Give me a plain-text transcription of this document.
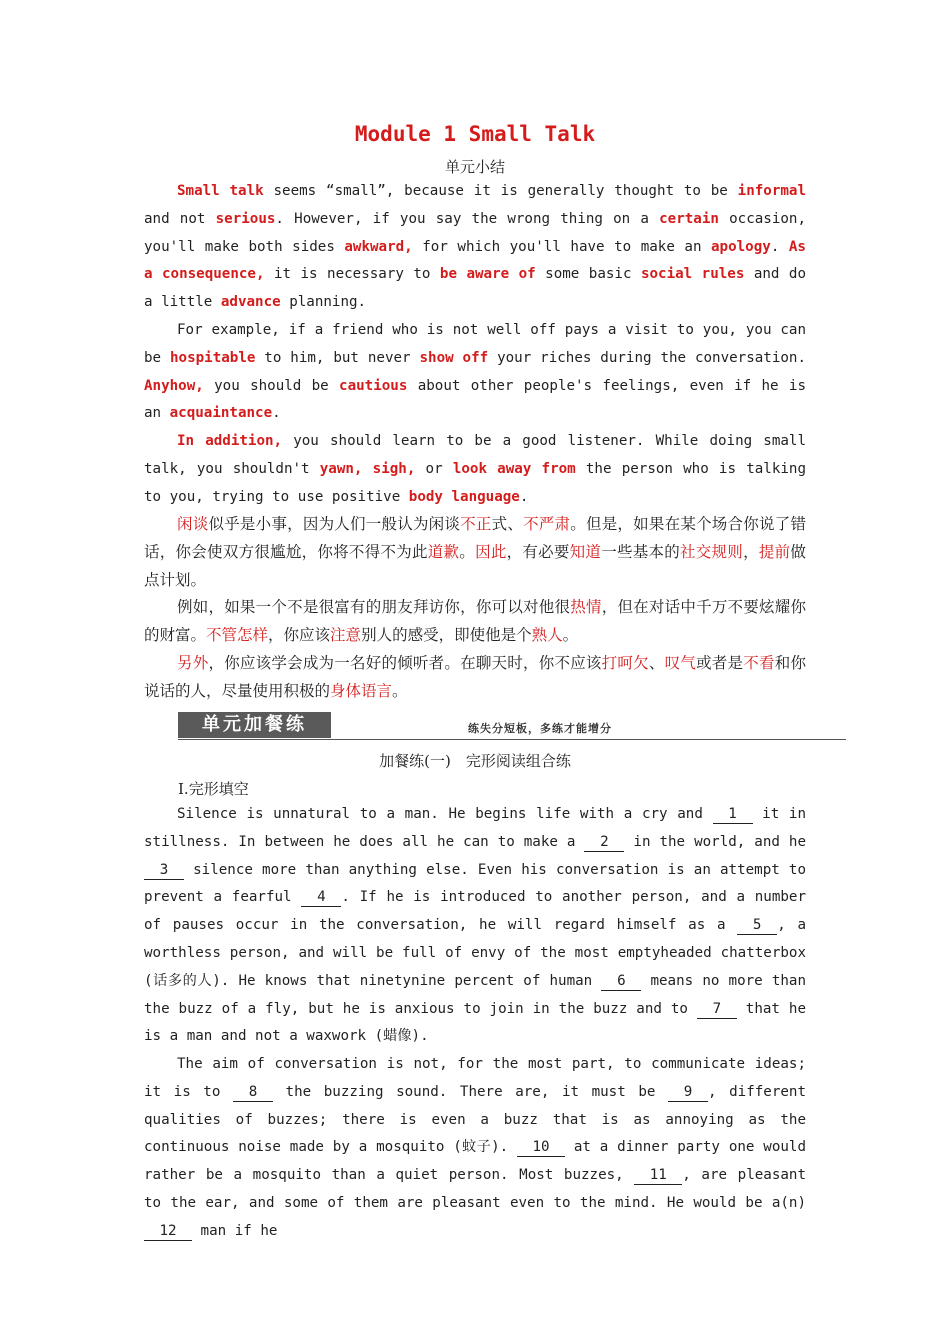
Module 1 Small Talk
单元小结

Small talk seems “small”, because it is generally thought to be informal and not serious. However, if you say the wrong thing on a certain occasion, you'll make both sides awkward, for which you'll have to make an apology. As a consequence, it is necessary to be aware of some basic social rules and do a little advance planning.

For example, if a friend who is not well off pays a visit to you, you can be hospitable to him, but never show off your riches during the conversation. Anyhow, you should be cautious about other people's feelings, even if he is an acquaintance.

In addition, you should learn to be a good listener. While doing small talk, you shouldn't yawn, sigh, or look away from the person who is talking to you, trying to use positive body language.

闲谈似乎是小事，因为人们一般认为闲谈不正式、不严肃。但是，如果在某个场合你说了错话，你会使双方很尴尬，你将不得不为此道歉。因此，有必要知道一些基本的社交规则，提前做点计划。

例如，如果一个不是很富有的朋友拜访你，你可以对他很热情，但在对话中千万不要炫耀你的财富。不管怎样，你应该注意别人的感受，即使他是个熟人。

另外，你应该学会成为一名好的倾听者。在聊天时，你不应该打呵欠、叹气或者是不看和你说话的人，尽量使用积极的身体语言。

单元加餐练	练失分短板，多练才能增分
加餐练(一)　完形阅读组合练
Ⅰ.完形填空

Silence is unnatural to a man. He begins life with a cry and 1 it in stillness. In between he does all he can to make a 2 in the world, and he 3 silence more than anything else. Even his conversation is an attempt to prevent a fearful 4 . If he is introduced to another person, and a number of pauses occur in the conversation, he will regard himself as a 5 , a worthless person, and will be full of envy of the most emptyheaded chatterbox (话多的人). He knows that ninetynine percent of human 6 means no more than the buzz of a fly, but he is anxious to join in the buzz and to 7 that he is a man and not a waxwork (蜡像).

The aim of conversation is not, for the most part, to communicate ideas; it is to 8 the buzzing sound. There are, it must be 9 , different qualities of buzzes; there is even a buzz that is as annoying as the continuous noise made by a mosquito (蚊子). 10 at a dinner party one would rather be a mosquito than a quiet person. Most buzzes, 11 , are pleasant to the ear, and some of them are pleasant even to the mind. He would be a(n) 12 man if he
